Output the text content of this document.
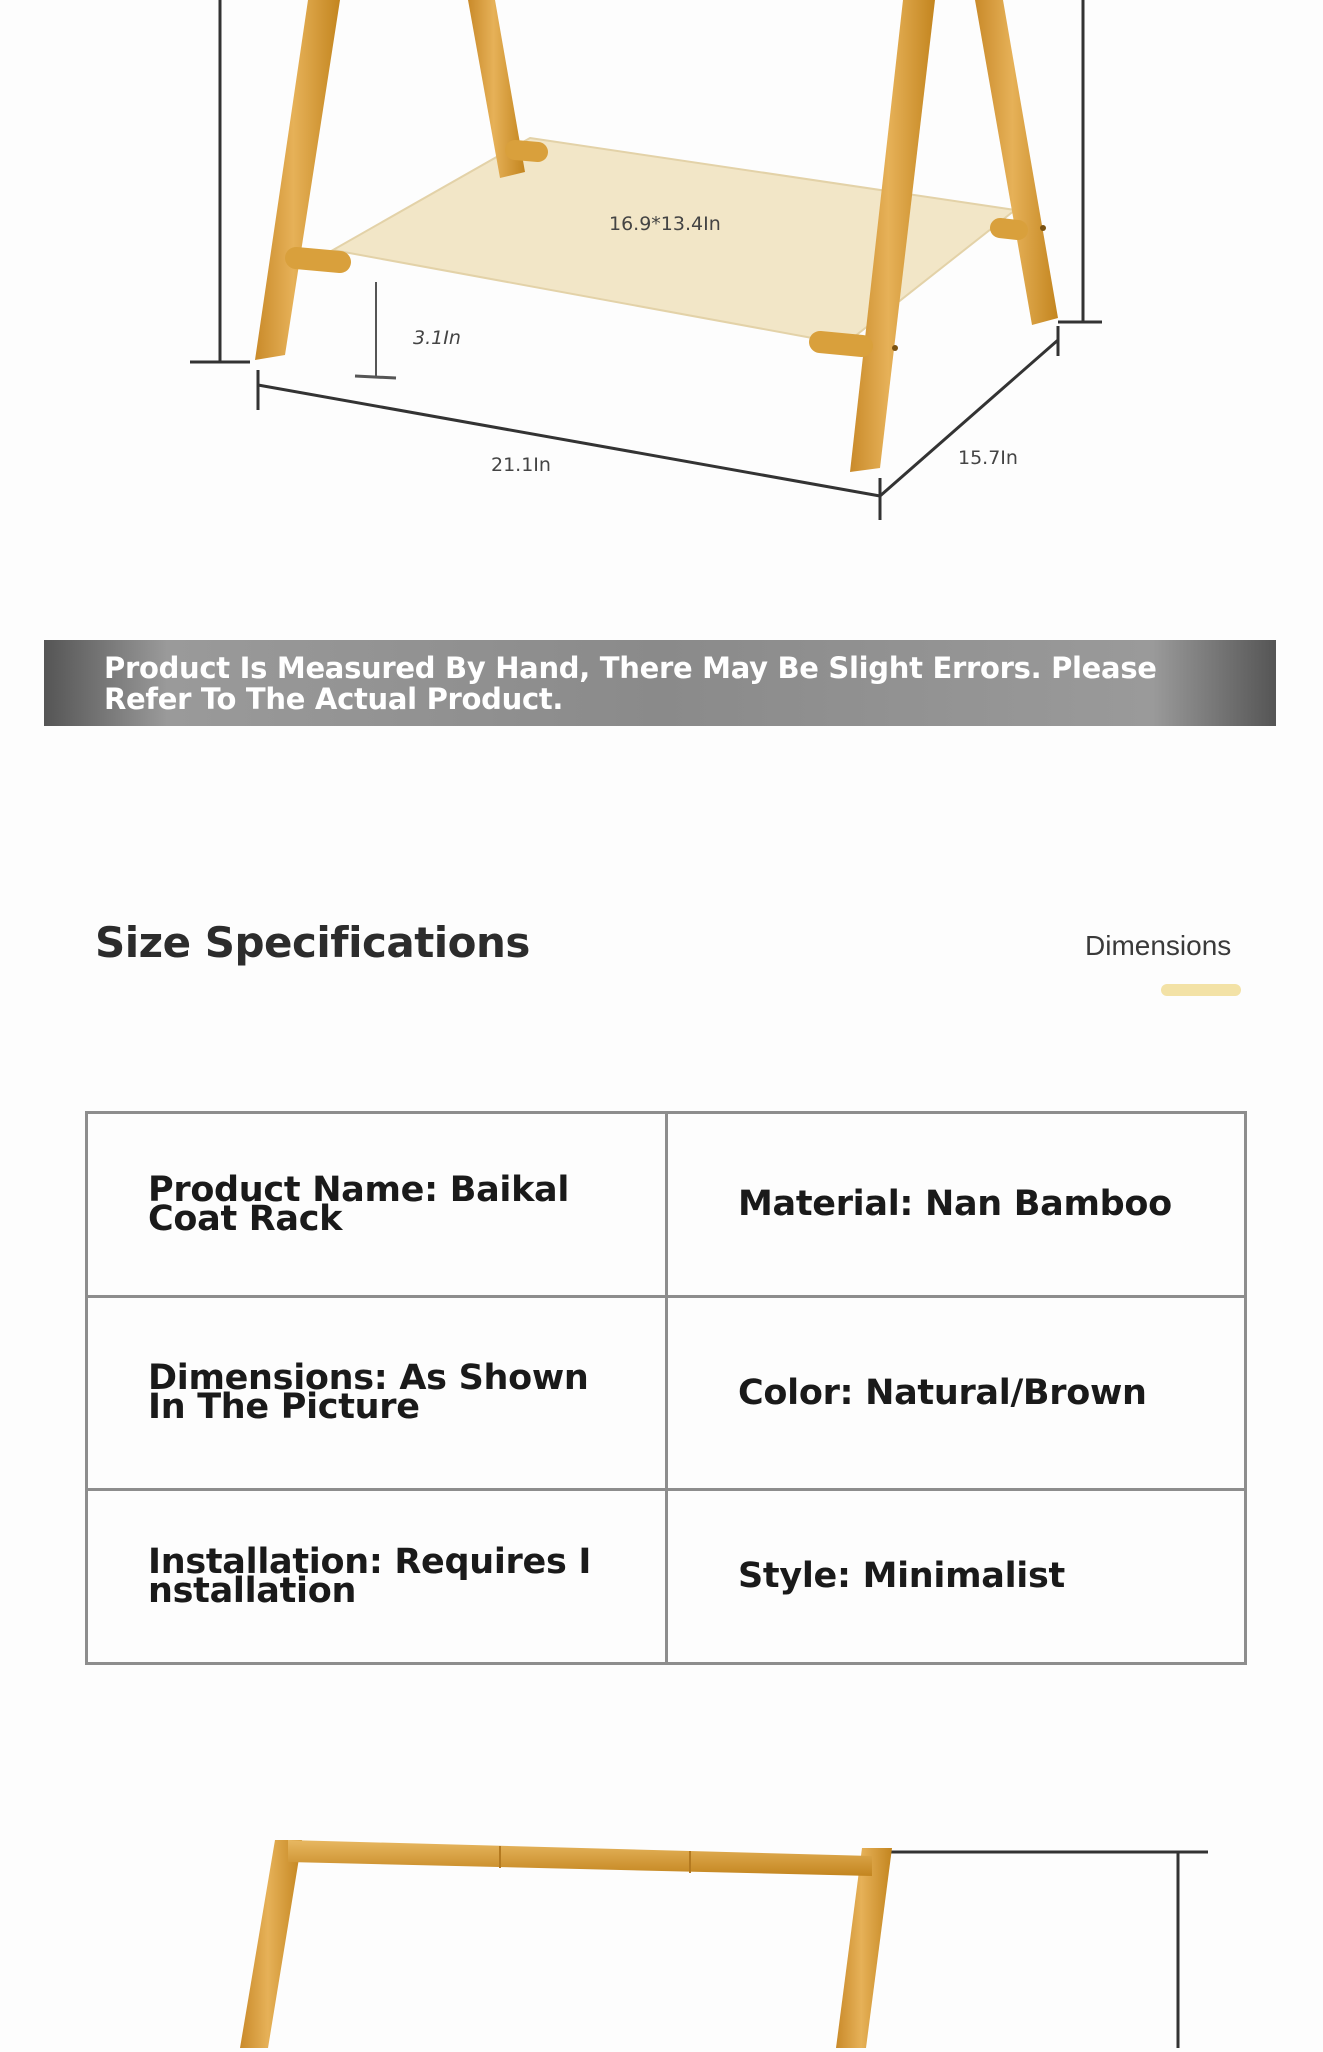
16.9*13.4In
3.1In
21.1In	15.7In
Product Is Measured By Hand, There May Be Slight Errors. Please Refer To The Actual Product.
Size Specifications	Dimensions
Product Name: Baikal Coat Rack	Material: Nan Bamboo
Dimensions: As Shown In The Picture	Color: Natural/Brown
Installation: Requires Installation	Style: Minimalist
